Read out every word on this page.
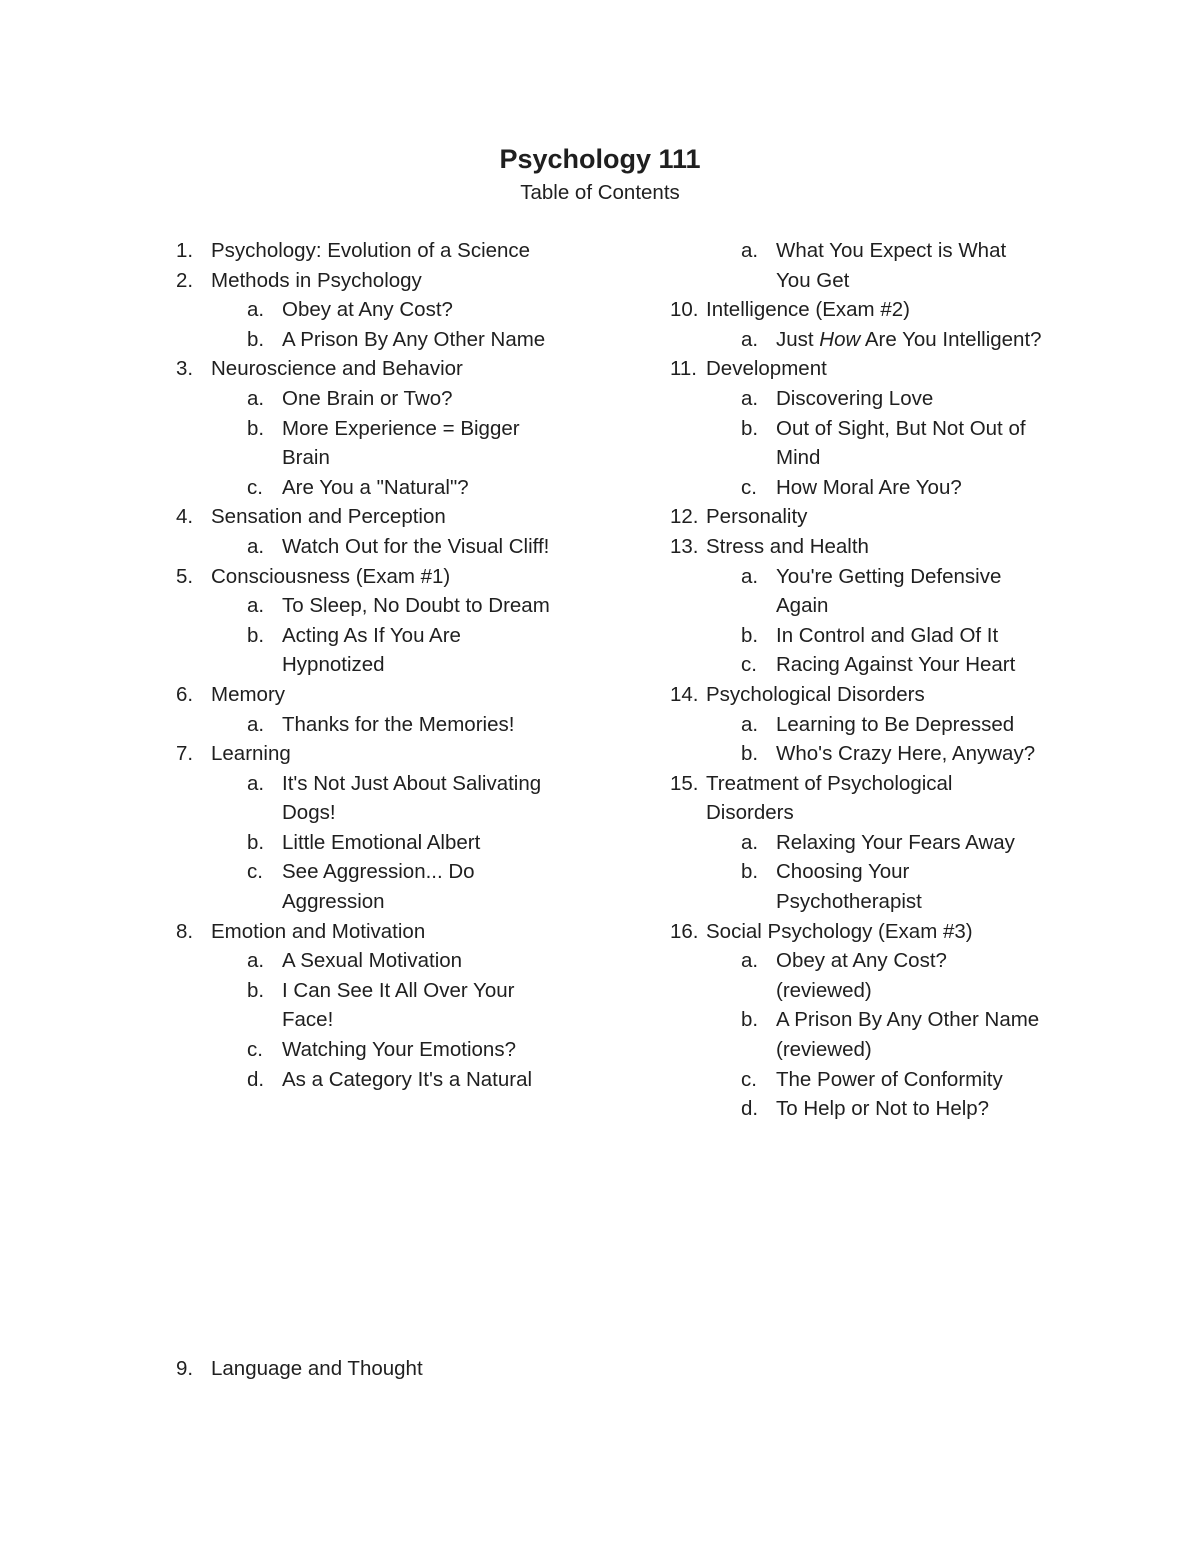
Psychology 111
Table of Contents
1. Psychology: Evolution of a Science
2. Methods in Psychology
a. Obey at Any Cost?
b. A Prison By Any Other Name
3. Neuroscience and Behavior
a. One Brain or Two?
b. More Experience = Bigger
Brain
c. Are You a "Natural"?
4. Sensation and Perception
a. Watch Out for the Visual Cliff!
5. Consciousness (Exam #1)
a. To Sleep, No Doubt to Dream
b. Acting As If You Are
Hypnotized
6. Memory
a. Thanks for the Memories!
7. Learning
a. It's Not Just About Salivating
Dogs!
b. Little Emotional Albert
c. See Aggression... Do
Aggression
8. Emotion and Motivation
a. A Sexual Motivation
b. I Can See It All Over Your
Face!
c. Watching Your Emotions?
d. As a Category It's a Natural
a. What You Expect is What
You Get
10. Intelligence (Exam #2)
a. Just How Are You Intelligent?
11. Development
a. Discovering Love
b. Out of Sight, But Not Out of
Mind
c. How Moral Are You?
12. Personality
13. Stress and Health
a. You're Getting Defensive
Again
b. In Control and Glad Of It
c. Racing Against Your Heart
14. Psychological Disorders
a. Learning to Be Depressed
b. Who's Crazy Here, Anyway?
15. Treatment of Psychological
Disorders
a. Relaxing Your Fears Away
b. Choosing Your
Psychotherapist
16. Social Psychology (Exam #3)
a. Obey at Any Cost?
(reviewed)
b. A Prison By Any Other Name
(reviewed)
c. The Power of Conformity
d. To Help or Not to Help?
9. Language and Thought
